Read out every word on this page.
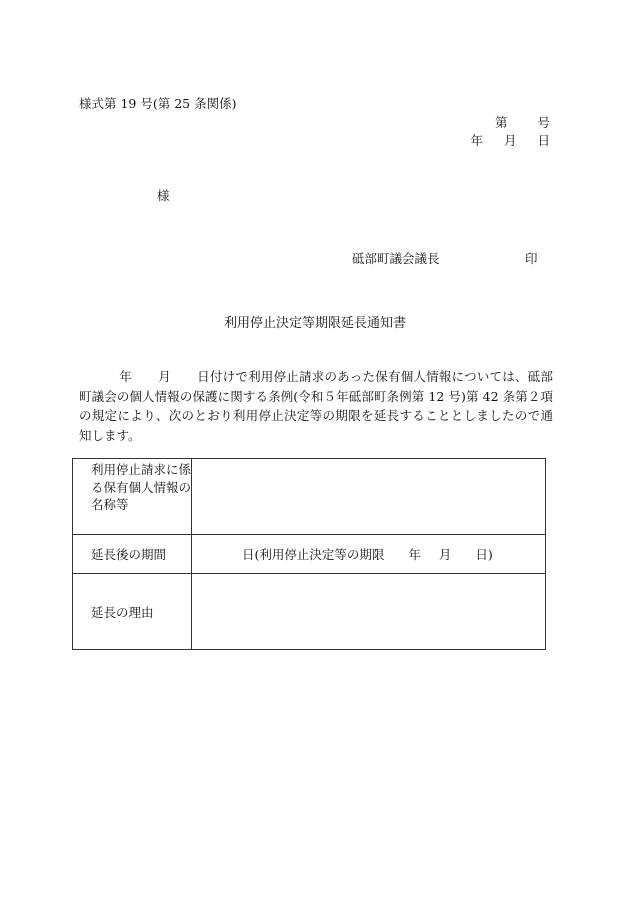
様式第 19 号(第 25 条関係)
第 号
年 月 日
様
砥部町議会議長	印
利用停止決定等期限延長通知書
年 月 日付けで利用停止請求のあった保有個人情報については、砥部町議会の個人情報の保護に関する条例(令和５年砥部町条例第 12 号)第 42 条第２項の規定により、次のとおり利用停止決定等の期限を延長することとしましたので通知します。
利用停止請求に係る保有個人情報の名称等	
延長後の期間	日(利用停止決定等の期限 年 月 日)
延長の理由	
